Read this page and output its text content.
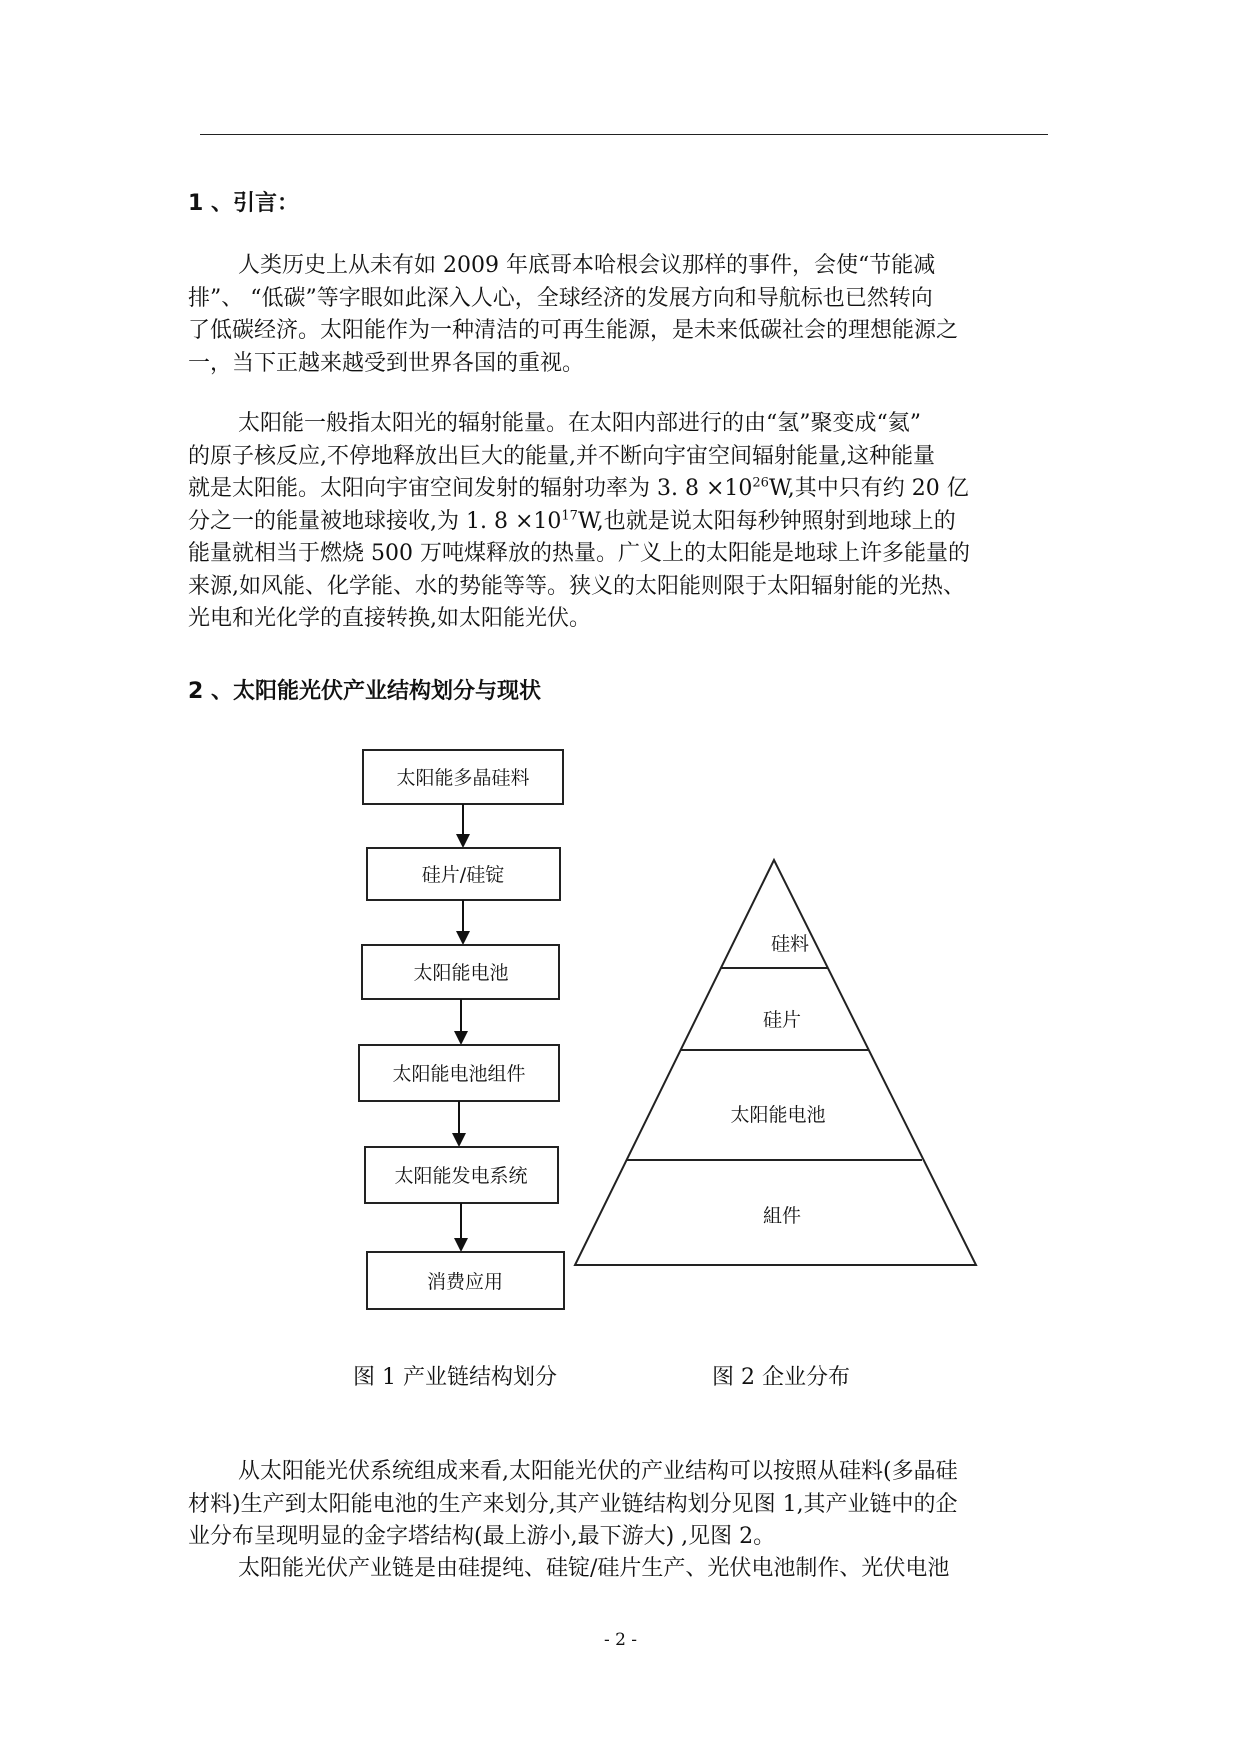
1 、引言：
人类历史上从未有如 2009 年底哥本哈根会议那样的事件，会使“节能减
排”、 “低碳”等字眼如此深入人心，全球经济的发展方向和导航标也已然转向
了低碳经济。太阳能作为一种清洁的可再生能源，是未来低碳社会的理想能源之
一，当下正越来越受到世界各国的重视。
太阳能一般指太阳光的辐射能量。在太阳内部进行的由“氢”聚变成“氦”
的原子核反应,不停地释放出巨大的能量,并不断向宇宙空间辐射能量,这种能量
就是太阳能。太阳向宇宙空间发射的辐射功率为 3. $8 \times 10^{26}W$,其中只有约 20 亿
分之一的能量被地球接收,为 1. $8 \times 10^{17}W$,也就是说太阳每秒钟照射到地球上的
能量就相当于燃烧 500 万吨煤释放的热量。广义上的太阳能是地球上许多能量的
来源,如风能、化学能、水的势能等等。狭义的太阳能则限于太阳辐射能的光热、
光电和光化学的直接转换,如太阳能光伏。
2 、太阳能光伏产业结构划分与现状
太阳能多晶硅料
硅片/硅锭
太阳能电池
太阳能电池组件
太阳能发电系统
消费应用
硅料
硅片
太阳能电池
組件
图 1 产业链结构划分	图 2 企业分布
从太阳能光伏系统组成来看,太阳能光伏的产业结构可以按照从硅料(多晶硅
材料)生产到太阳能电池的生产来划分,其产业链结构划分见图 1,其产业链中的企
业分布呈现明显的金字塔结构(最上游小,最下游大) ,见图 2。
太阳能光伏产业链是由硅提纯、硅锭/硅片生产、光伏电池制作、光伏电池
- 2 -
